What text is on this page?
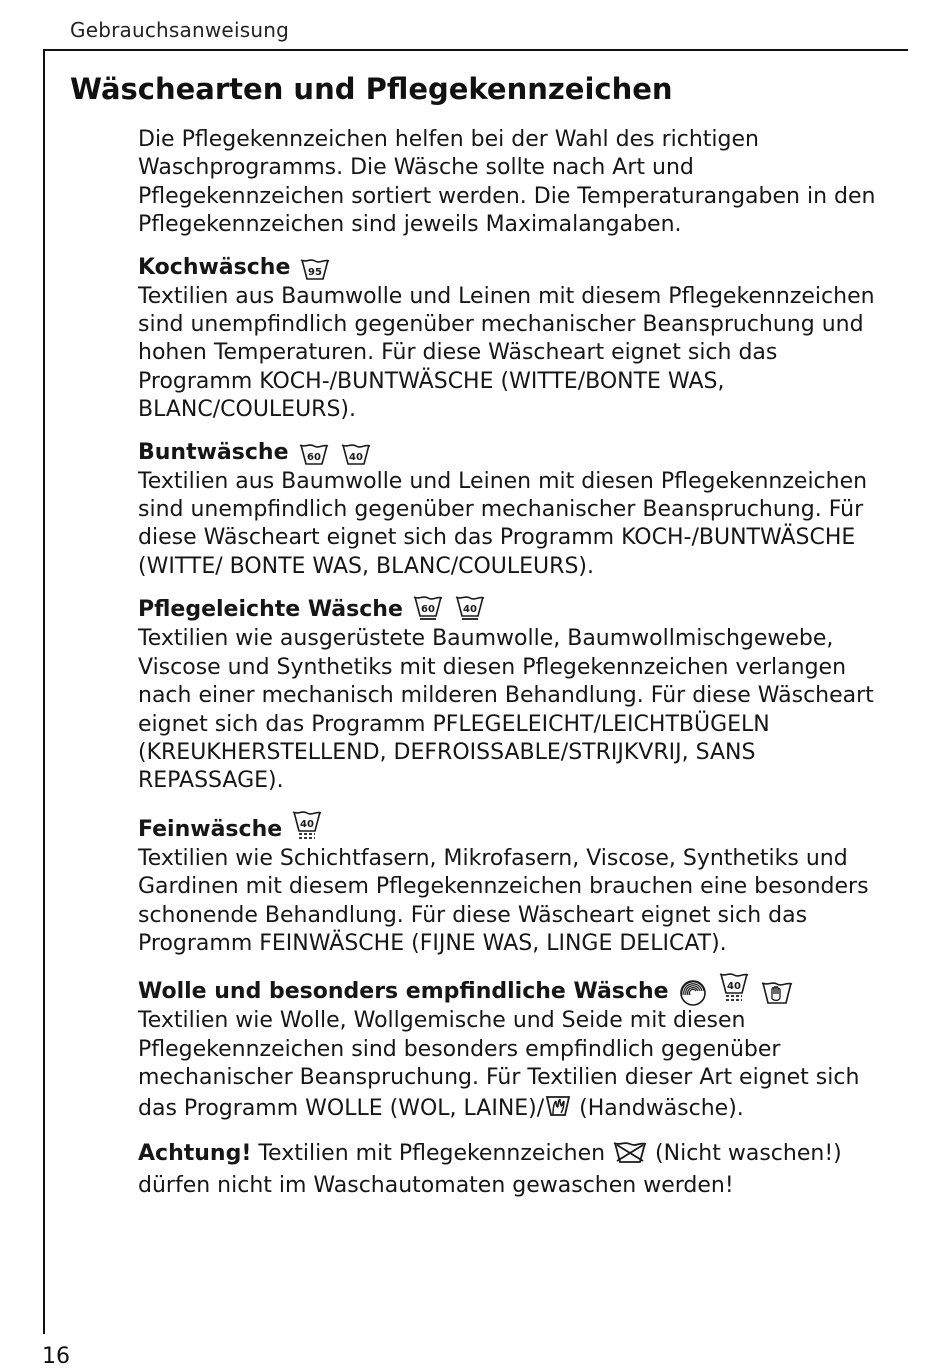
Gebrauchsanweisung
Wäschearten und Pflegekennzeichen

Die Pflegekennzeichen helfen bei der Wahl des richtigen Waschprogramms. Die Wäsche sollte nach Art und Pflegekennzeichen sortiert werden. Die Temperaturangaben in den Pflegekennzeichen sind jeweils Maximalangaben.

Kochwäsche 95

Textilien aus Baumwolle und Leinen mit diesem Pflegekennzeichen sind unempfindlich gegenüber mechanischer Beanspruchung und hohen Temperaturen. Für diese Wäscheart eignet sich das Programm KOCH-/BUNTWÄSCHE (WITTE/BONTE WAS, BLANC/COULEURS).

Buntwäsche 60	40

Textilien aus Baumwolle und Leinen mit diesen Pflegekennzeichen sind unempfindlich gegenüber mechanischer Beanspruchung. Für diese Wäscheart eignet sich das Programm KOCH-/BUNTWÄSCHE (WITTE/ BONTE WAS, BLANC/COULEURS).

Pflegeleichte Wäsche 60	40

Textilien wie ausgerüstete Baumwolle, Baumwollmischgewebe, Viscose und Synthetiks mit diesen Pflegekennzeichen verlangen nach einer mechanisch milderen Behandlung. Für diese Wäscheart eignet sich das Programm PFLEGELEICHT/LEICHTBÜGELN (KREUKHERSTELLEND, DEFROISSABLE/STRIJKVRIJ, SANS REPASSAGE).

Feinwäsche 40

Textilien wie Schichtfasern, Mikrofasern, Viscose, Synthetiks und Gardinen mit diesem Pflegekennzeichen brauchen eine besonders schonende Behandlung. Für diese Wäscheart eignet sich das Programm FEINWÄSCHE (FIJNE WAS, LINGE DELICAT).

Wolle und besonders empfindliche Wäsche	40

Textilien wie Wolle, Wollgemische und Seide mit diesen Pflegekennzeichen sind besonders empfindlich gegenüber mechanischer Beanspruchung. Für Textilien dieser Art eignet sich das Programm WOLLE (WOL, LAINE)/ (Handwäsche).

Achtung! Textilien mit Pflegekennzeichen  (Nicht waschen!) dürfen nicht im Waschautomaten gewaschen werden!

16
